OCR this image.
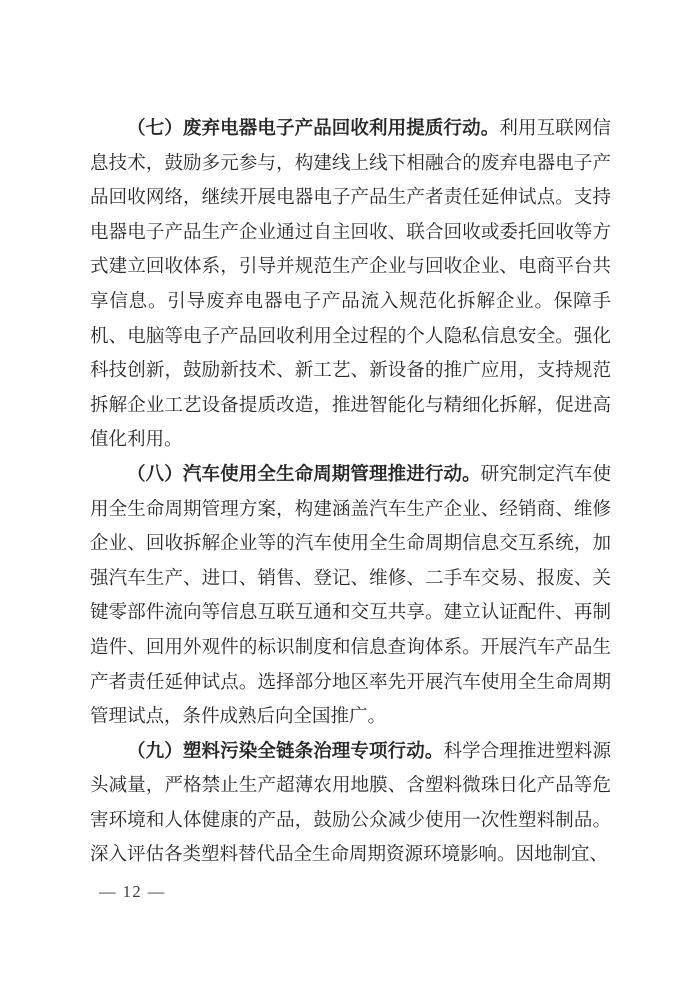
（七）废弃电器电子产品回收利用提质行动。利用互联网信息技术，鼓励多元参与，构建线上线下相融合的废弃电器电子产品回收网络，继续开展电器电子产品生产者责任延伸试点。支持电器电子产品生产企业通过自主回收、联合回收或委托回收等方式建立回收体系，引导并规范生产企业与回收企业、电商平台共享信息。引导废弃电器电子产品流入规范化拆解企业。保障手机、电脑等电子产品回收利用全过程的个人隐私信息安全。强化科技创新，鼓励新技术、新工艺、新设备的推广应用，支持规范拆解企业工艺设备提质改造，推进智能化与精细化拆解，促进高值化利用。

（八）汽车使用全生命周期管理推进行动。研究制定汽车使用全生命周期管理方案，构建涵盖汽车生产企业、经销商、维修企业、回收拆解企业等的汽车使用全生命周期信息交互系统，加强汽车生产、进口、销售、登记、维修、二手车交易、报废、关键零部件流向等信息互联互通和交互共享。建立认证配件、再制造件、回用外观件的标识制度和信息查询体系。开展汽车产品生产者责任延伸试点。选择部分地区率先开展汽车使用全生命周期管理试点，条件成熟后向全国推广。

（九）塑料污染全链条治理专项行动。科学合理推进塑料源头减量，严格禁止生产超薄农用地膜、含塑料微珠日化产品等危害环境和人体健康的产品，鼓励公众减少使用一次性塑料制品。深入评估各类塑料替代品全生命周期资源环境影响。因地制宜、

— 12 —
